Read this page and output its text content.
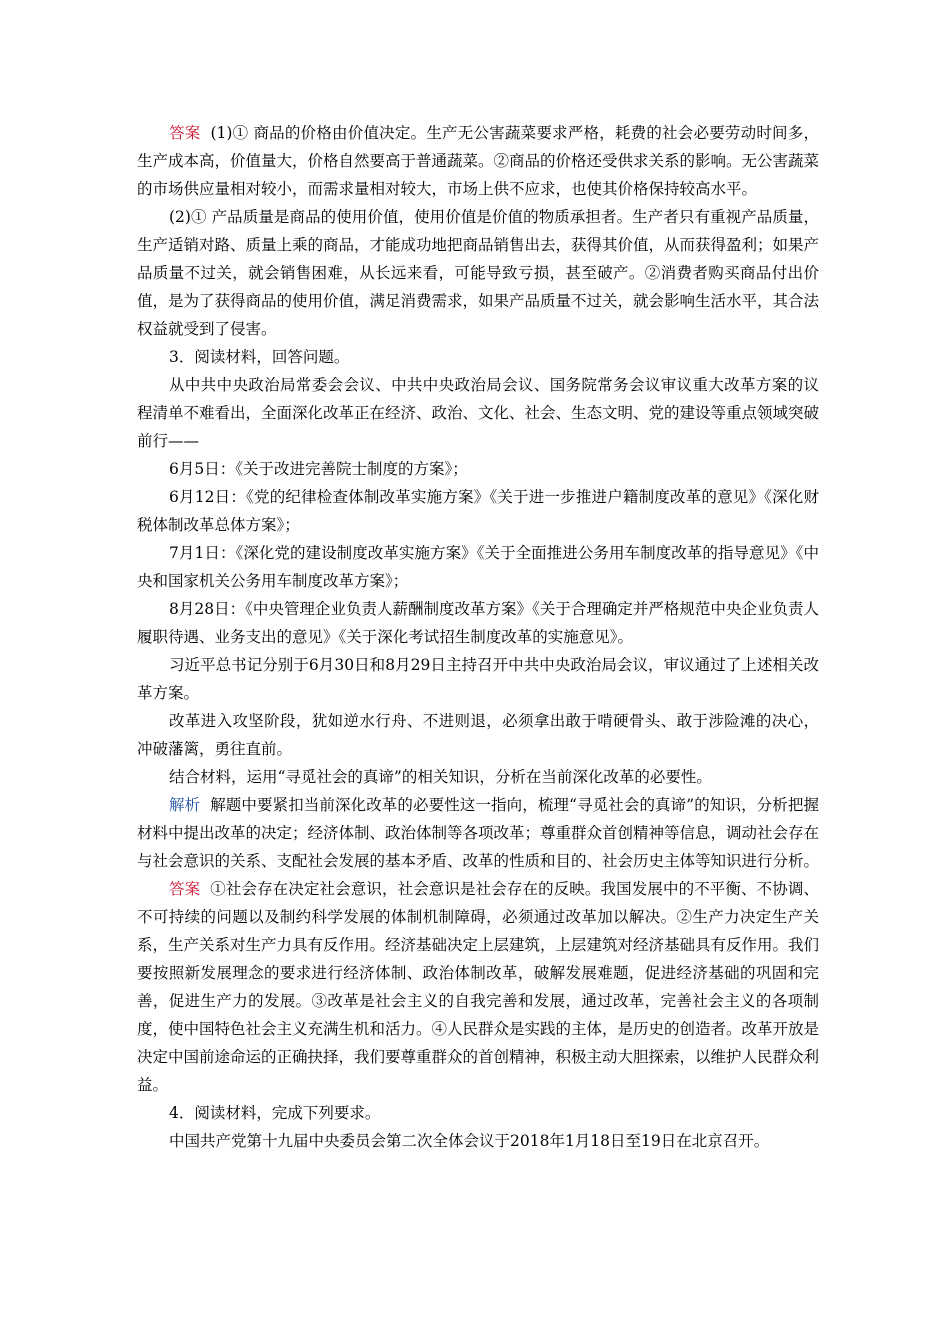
答案 (1)① 商品的价格由价值决定。生产无公害蔬菜要求严格，耗费的社会必要劳动时间多，生产成本高，价值量大，价格自然要高于普通蔬菜。②商品的价格还受供求关系的影响。无公害蔬菜的市场供应量相对较小，而需求量相对较大，市场上供不应求，也使其价格保持较高水平。

(2)① 产品质量是商品的使用价值，使用价值是价值的物质承担者。生产者只有重视产品质量，生产适销对路、质量上乘的商品，才能成功地把商品销售出去，获得其价值，从而获得盈利；如果产品质量不过关，就会销售困难，从长远来看，可能导致亏损，甚至破产。②消费者购买商品付出价值，是为了获得商品的使用价值，满足消费需求，如果产品质量不过关，就会影响生活水平，其合法权益就受到了侵害。

3．阅读材料，回答问题。

从中共中央政治局常委会会议、中共中央政治局会议、国务院常务会议审议重大改革方案的议程清单不难看出，全面深化改革正在经济、政治、文化、社会、生态文明、党的建设等重点领域突破前行——

6月5日：《关于改进完善院士制度的方案》；

6月12日：《党的纪律检查体制改革实施方案》《关于进一步推进户籍制度改革的意见》《深化财税体制改革总体方案》；

7月1日：《深化党的建设制度改革实施方案》《关于全面推进公务用车制度改革的指导意见》《中央和国家机关公务用车制度改革方案》；

8月28日：《中央管理企业负责人薪酬制度改革方案》《关于合理确定并严格规范中央企业负责人履职待遇、业务支出的意见》《关于深化考试招生制度改革的实施意见》。

习近平总书记分别于6月30日和8月29日主持召开中共中央政治局会议，审议通过了上述相关改革方案。

改革进入攻坚阶段，犹如逆水行舟、不进则退，必须拿出敢于啃硬骨头、敢于涉险滩的决心，冲破藩篱，勇往直前。

结合材料，运用“寻觅社会的真谛”的相关知识，分析在当前深化改革的必要性。

解析 解题中要紧扣当前深化改革的必要性这一指向，梳理“寻觅社会的真谛”的知识，分析把握材料中提出改革的决定；经济体制、政治体制等各项改革；尊重群众首创精神等信息，调动社会存在与社会意识的关系、支配社会发展的基本矛盾、改革的性质和目的、社会历史主体等知识进行分析。

答案 ①社会存在决定社会意识，社会意识是社会存在的反映。我国发展中的不平衡、不协调、不可持续的问题以及制约科学发展的体制机制障碍，必须通过改革加以解决。②生产力决定生产关系，生产关系对生产力具有反作用。经济基础决定上层建筑，上层建筑对经济基础具有反作用。我们要按照新发展理念的要求进行经济体制、政治体制改革，破解发展难题，促进经济基础的巩固和完善，促进生产力的发展。③改革是社会主义的自我完善和发展，通过改革，完善社会主义的各项制度，使中国特色社会主义充满生机和活力。④人民群众是实践的主体，是历史的创造者。改革开放是决定中国前途命运的正确抉择，我们要尊重群众的首创精神，积极主动大胆探索，以维护人民群众利益。

4．阅读材料，完成下列要求。

中国共产党第十九届中央委员会第二次全体会议于2018年1月18日至19日在北京召开。
